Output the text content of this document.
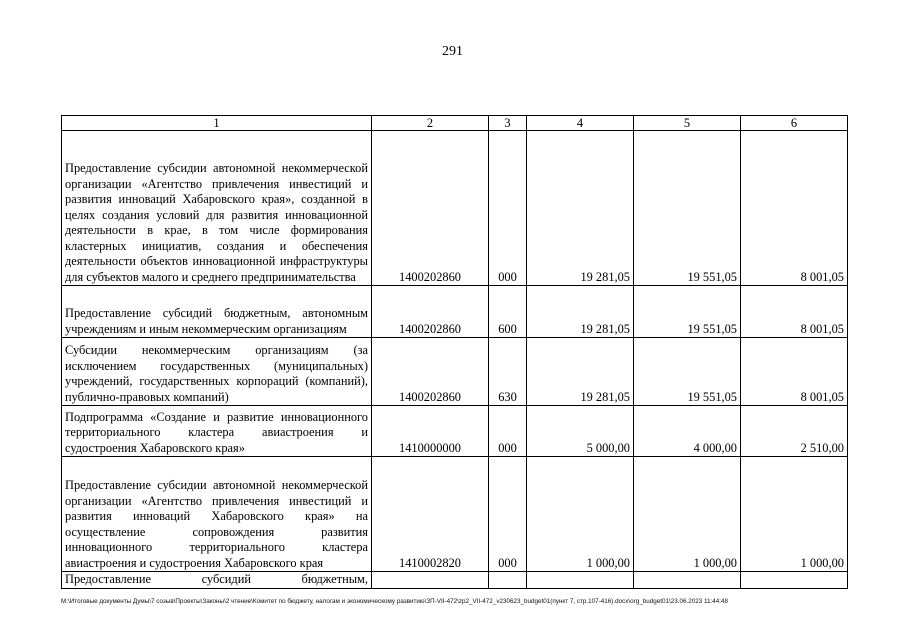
291
1	2	3	4	5	6
Предоставление субсидии автономной некоммерческой организации «Агентство привлечения инвестиций и развития инноваций Хабаровского края», созданной в целях создания условий для развития инновационной деятельности в крае, в том числе формирования кластерных инициатив, создания и обеспечения деятельности объектов инновационной инфраструктуры для субъектов малого и среднего предпринимательства	1400202860	000	19 281,05	19 551,05	8 001,05
Предоставление субсидий бюджетным, автономным учреждениям и иным некоммерческим организациям	1400202860	600	19 281,05	19 551,05	8 001,05
Субсидии некоммерческим организациям (за исключением государственных (муниципальных) учреждений, государственных корпораций (компаний), публично-правовых компаний)	1400202860	630	19 281,05	19 551,05	8 001,05
Подпрограмма «Создание и развитие инновационного территориального кластера авиастроения и судостроения Хабаровского края»	1410000000	000	5 000,00	4 000,00	2 510,00
Предоставление субсидии автономной некоммерческой организации «Агентство привлечения инвестиций и развития инноваций Хабаровского края» на осуществление сопровождения развития инновационного территориального кластера авиастроения и судостроения Хабаровского края	1410002820	000	1 000,00	1 000,00	1 000,00
Предоставление субсидий бюджетным,					
M:\Итоговые документы Думы\7 созыв\Проекты\Законы\2 чтение\Комитет по бюджету, налогам и экономическому развитию\ЗП-VII-472\zp2_VII-472_v230623_budget01(пункт 7, стр.107-416).docx\org_budget01\23.06.2023 11:44:48
